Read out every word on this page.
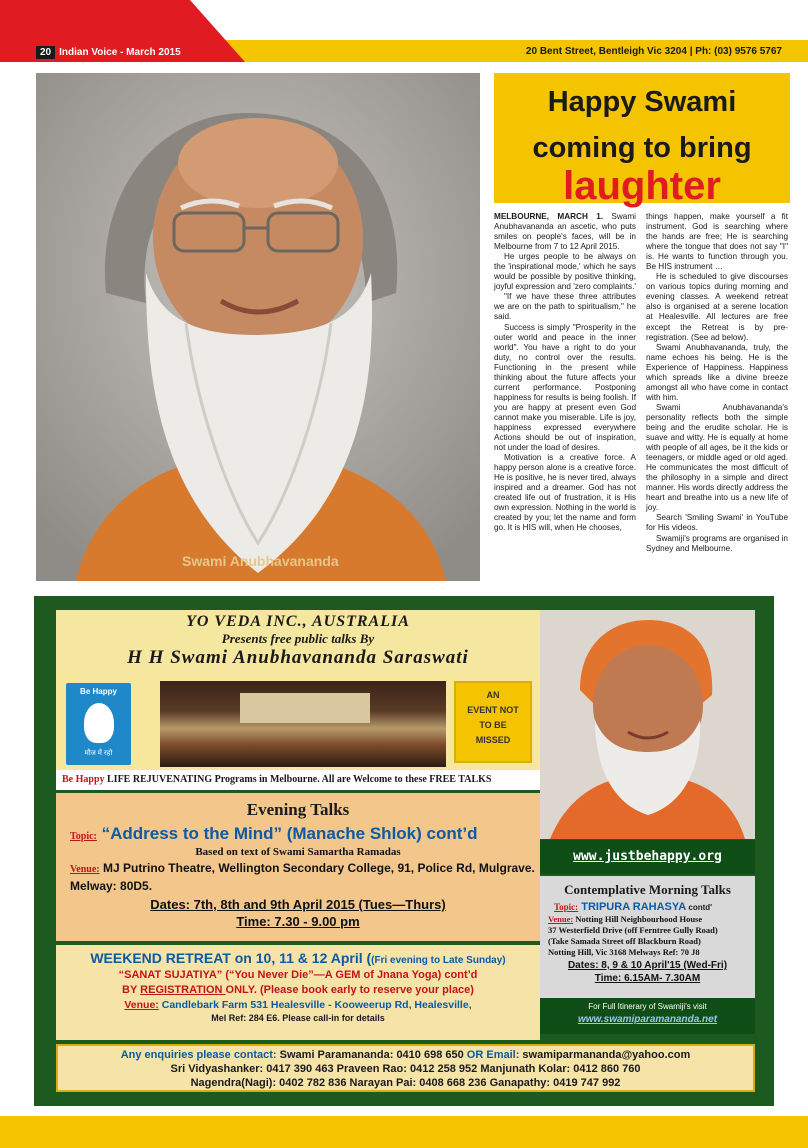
20 Indian Voice - March 2015	20 Bent Street, Bentleigh Vic 3204 | Ph: (03) 9576 5767
Swami Anubhavananda
Happy Swami
coming to bring
laughter

MELBOURNE, MARCH 1. Swami Anubhavananda an ascetic, who puts smiles on people's faces, will be in Melbourne from 7 to 12 April 2015.

He urges people to be always on the 'inspirational mode,' which he says would be possible by positive thinking, joyful expression and 'zero complaints.'

"If we have these three attributes we are on the path to spiritualism," he said.

Success is simply "Prosperity in the outer world and peace in the inner world". You have a right to do your duty, no control over the results. Functioning in the present while thinking about the future affects your current performance. Postponing happiness for results is being foolish. If you are happy at present even God cannot make you miserable. Life is joy, happiness expressed everywhere Actions should be out of inspiration, not under the load of desires.

Motivation is a creative force. A happy person alone is a creative force. He is positive, he is never tired, always inspired and a dreamer. God has not created life out of frustration, it is His own expression. Nothing in the world is created by you; let the name and form go. It is HIS will, when He chooses,

things happen, make yourself a fit instrument. God is searching where the hands are free; He is searching where the tongue that does not say "I" is. He wants to function through you. Be HIS instrument …

He is scheduled to give discourses on various topics during morning and evening classes. A weekend retreat also is organised at a serene location at Healesville. All lectures are free except the Retreat is by pre-registration. (See ad below).

Swami Anubhavananda, truly, the name echoes his being. He is the Experience of Happiness. Happiness which spreads like a divine breeze amongst all who have come in contact with him.

Swami Anubhavananda's personality reflects both the simple being and the erudite scholar. He is suave and witty. He is equally at home with people of all ages, be it the kids or teenagers, or middle aged or old aged. He communicates the most difficult of the philosophy in a simple and direct manner. His words directly address the heart and breathe into us a new life of joy.

Search 'Smiling Swami' in YouTube for His videos.

Swamiji's programs are organised in Sydney and Melbourne.

YO VEDA INC., AUSTRALIA
Presents free public talks By
H H Swami Anubhavananda Saraswati
Be Happy
मौज में रहो
AN
EVENT NOT
TO BE
MISSED
Be Happy LIFE REJUVENATING Programs in Melbourne. All are Welcome to these FREE TALKS
Evening Talks
Topic: “Address to the Mind” (Manache Shlok) cont’d
Based on text of Swami Samartha Ramadas
Venue: MJ Putrino Theatre, Wellington Secondary College, 91, Police Rd, Mulgrave. Melway: 80D5.
Dates: 7th, 8th and 9th April 2015 (Tues—Thurs)
Time: 7.30 - 9.00 pm
WEEKEND RETREAT on 10, 11 & 12 April ((Fri evening to Late Sunday)
“SANAT SUJATIYA” (“You Never Die”—A GEM of Jnana Yoga) cont’d
BY REGISTRATION ONLY. (Please book early to reserve your place)
Venue: Candlebark Farm 531 Healesville - Kooweerup Rd, Healesville,
Mel Ref: 284 E6. Please call-in for details
www.justbehappy.org
Contemplative Morning Talks
Topic: TRIPURA RAHASYA contd'
Venue: Notting Hill Neighbourhood House
37 Westerfield Drive (off Ferntree Gully Road)
(Take Samada Street off Blackburn Road)
Notting Hill, Vic 3168 Melways Ref: 70 J8
Dates: 8, 9 & 10 April'15 (Wed-Fri)
Time: 6.15AM- 7.30AM
For Full Itinerary of Swamiji's visit
www.swamiparamananda.net
Any enquiries please contact: Swami Paramananda: 0410 698 650 OR Email: swamiparmananda@yahoo.com
Sri Vidyashanker: 0417 390 463 Praveen Rao: 0412 258 952 Manjunath Kolar: 0412 860 760
Nagendra(Nagi): 0402 782 836 Narayan Pai: 0408 668 236 Ganapathy: 0419 747 992
